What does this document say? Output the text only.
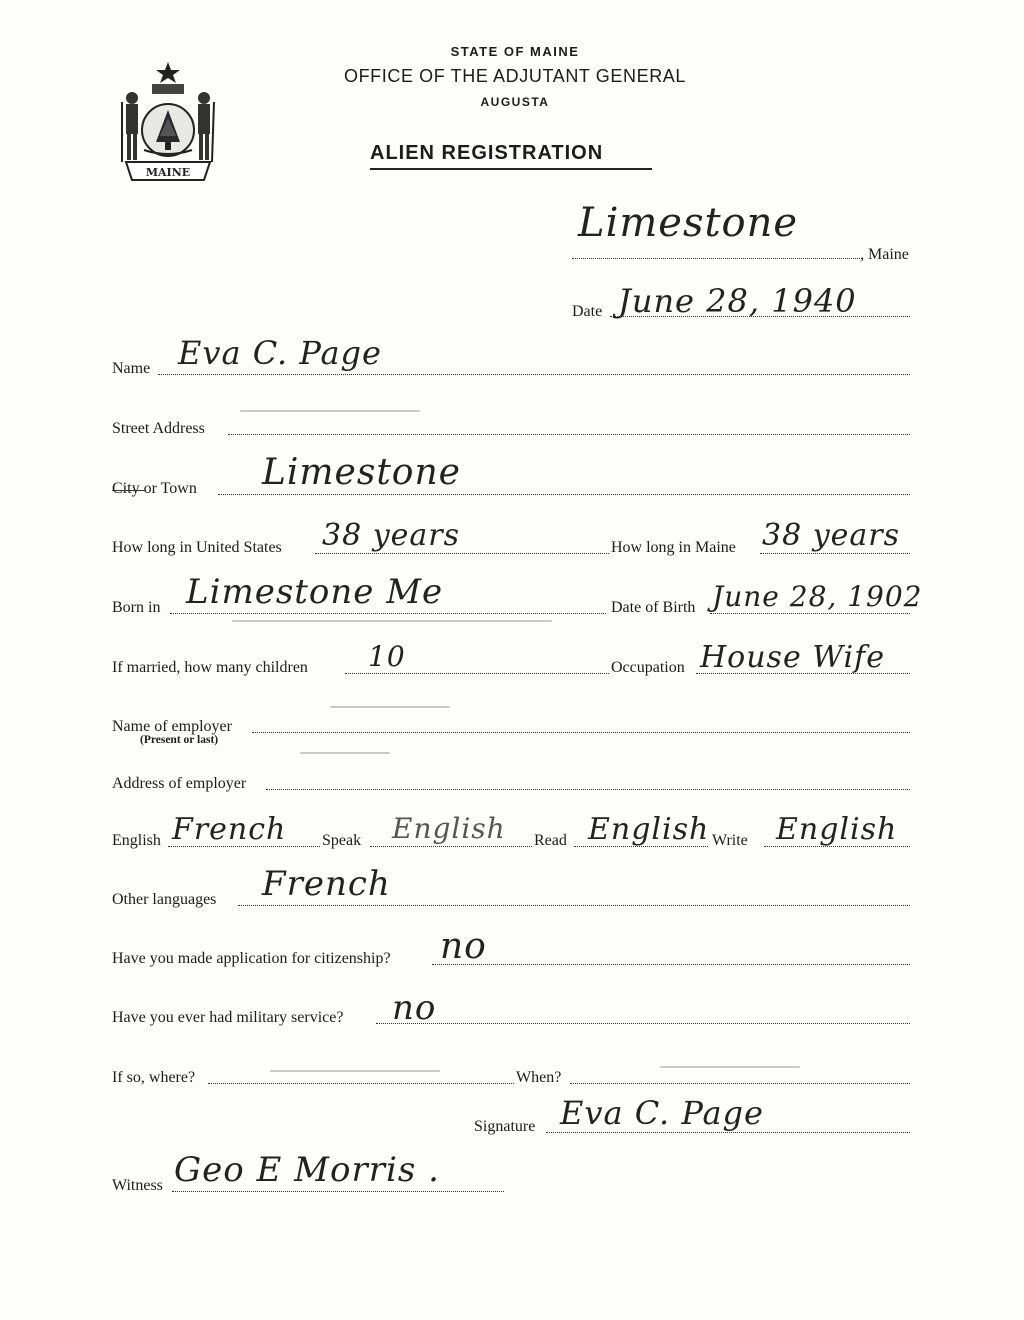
MAINE
STATE OF MAINE
OFFICE OF THE ADJUTANT GENERAL
AUGUSTA
ALIEN REGISTRATION
Limestone
, Maine
Date June 28, 1940
Name Eva C. Page
Street Address
City or Town Limestone
How long in United States 38 years	How long in Maine 38 years
Born in Limestone Me	Date of Birth June 28, 1902
If married, how many children 10	Occupation House Wife
Name of employer
(Present or last)
Address of employer
English French Speak English Read English Write English
Other languages French
Have you made application for citizenship? no
Have you ever had military service? no
If so, where?	When?
Signature Eva C. Page
Witness Geo E Morris .
